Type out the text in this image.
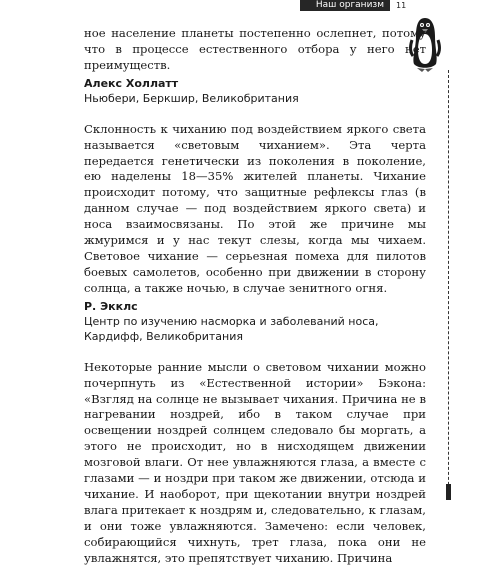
Наш организм	11

ное население планеты постепенно ослепнет, потому что в процессе естественного отбора у него нет преимуществ.

Алекс Холлатт
Ньюбери, Беркшир, Великобритания

Склонность к чиханию под воздействием яркого света называется «световым чиханием». Эта черта передается генетически из поколения в поколение, ею наделены 18—35% жителей планеты. Чихание происходит потому, что защитные рефлексы глаз (в данном случае — под воздействием яркого света) и носа взаимосвязаны. По этой же причине мы жмуримся и у нас текут слезы, когда мы чихаем. Световое чихание — серьезная помеха для пилотов боевых самолетов, особенно при движении в сторону солнца, а также ночью, в случае зенитного огня.

Р. Экклс
Центр по изучению насморка и заболеваний носа,
Кардифф, Великобритания

Некоторые ранние мысли о световом чихании можно почерпнуть из «Естественной истории» Бэкона: «Взгляд на солнце не вызывает чихания. Причина не в нагревании ноздрей, ибо в таком случае при освещении ноздрей солнцем следовало бы моргать, а этого не происходит, но в нисходящем движении мозговой влаги. От нее увлажняются глаза, а вместе с глазами — и ноздри при таком же движении, отсюда и чихание. И наоборот, при щекотании внутри ноздрей влага притекает к ноздрям и, следовательно, к глазам, и они тоже увлажняются. Замечено: если человек, собирающийся чихнуть, трет глаза, пока они не увлажнятся, это препятствует чиханию. Причина
